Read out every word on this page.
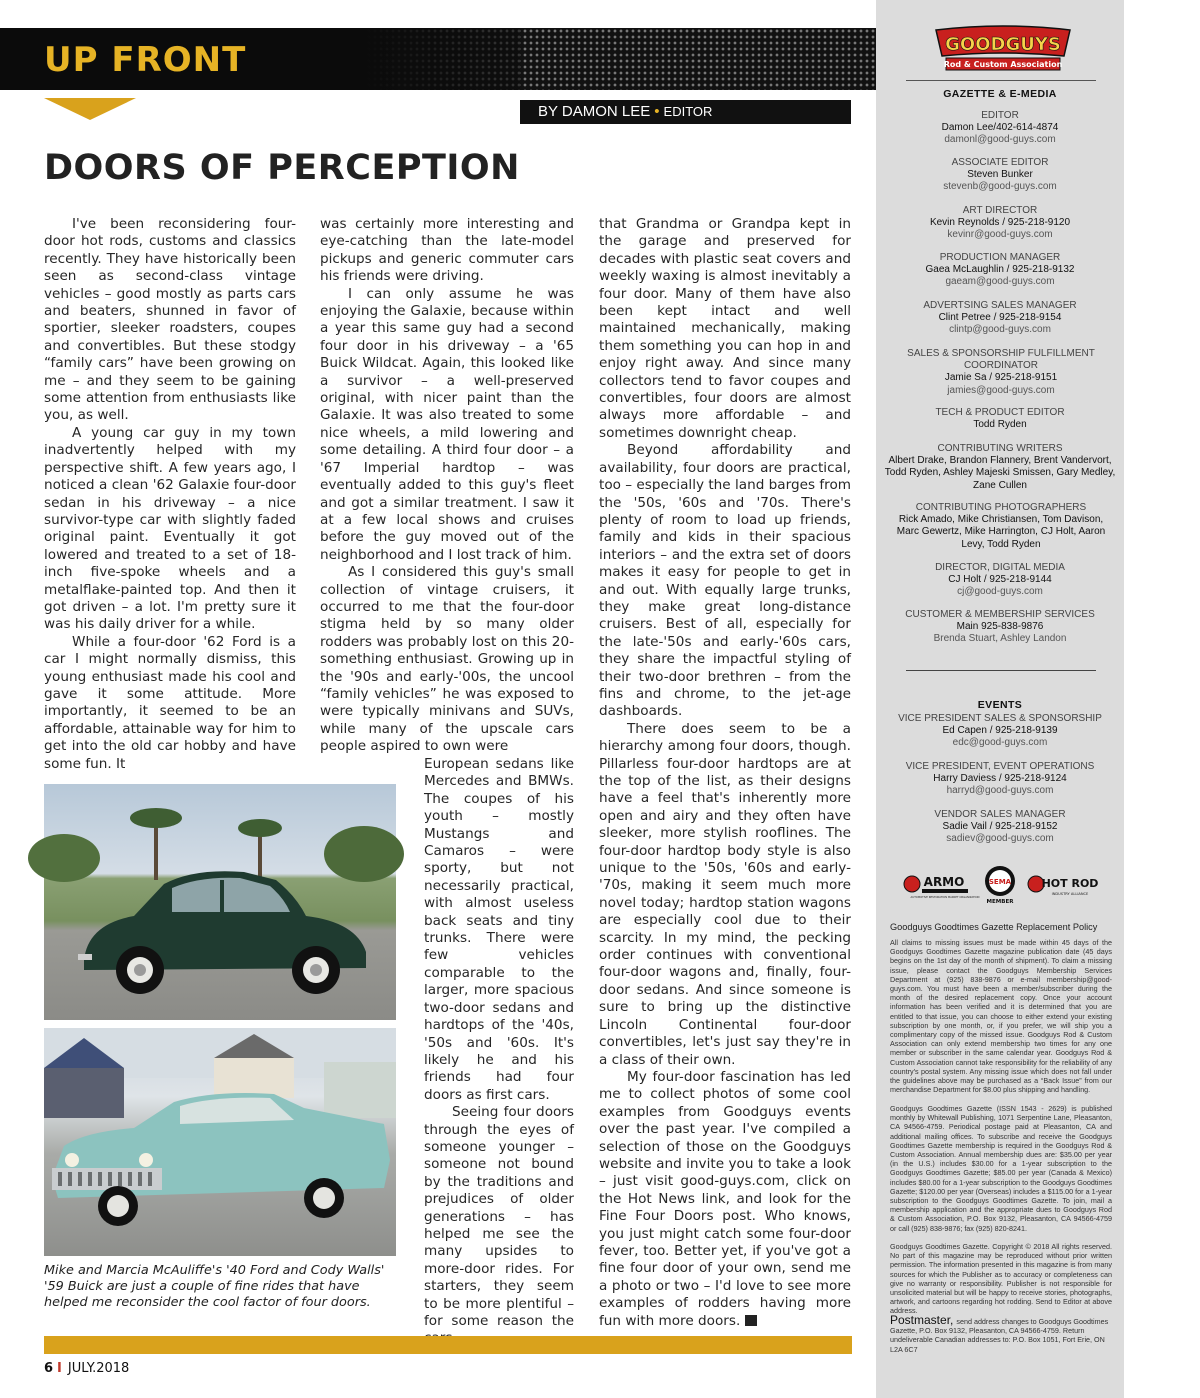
UP FRONT
BY DAMON LEE • EDITOR
DOORS OF PERCEPTION

I've been reconsidering four-door hot rods, customs and classics recently. They have historically been seen as second-class vintage vehicles – good mostly as parts cars and beaters, shunned in favor of sportier, sleeker roadsters, coupes and convertibles. But these stodgy “family cars” have been growing on me – and they seem to be gaining some attention from enthusiasts like you, as well.

A young car guy in my town inadvertently helped with my perspective shift. A few years ago, I noticed a clean '62 Galaxie four-door sedan in his driveway – a nice survivor-type car with slightly faded original paint. Eventually it got lowered and treated to a set of 18-inch five-spoke wheels and a metalflake-painted top. And then it got driven – a lot. I'm pretty sure it was his daily driver for a while.

While a four-door '62 Ford is a car I might normally dismiss, this young enthusiast made his cool and gave it some attitude. More importantly, it seemed to be an affordable, attainable way for him to get into the old car hobby and have some fun. It

was certainly more interesting and eye-catching than the late-model pickups and generic commuter cars his friends were driving.

I can only assume he was enjoying the Galaxie, because within a year this same guy had a second four door in his driveway – a '65 Buick Wildcat. Again, this looked like a survivor – a well-preserved original, with nicer paint than the Galaxie. It was also treated to some nice wheels, a mild lowering and some detailing. A third four door – a '67 Imperial hardtop – was eventually added to this guy's fleet and got a similar treatment. I saw it at a few local shows and cruises before the guy moved out of the neighborhood and I lost track of him.

As I considered this guy's small collection of vintage cruisers, it occurred to me that the four-door stigma held by so many older rodders was probably lost on this 20-something enthusiast. Growing up in the '90s and early-'00s, the uncool “family vehicles” he was exposed to were typically minivans and SUVs, while many of the upscale cars people aspired to own were

European sedans like Mercedes and BMWs. The coupes of his youth – mostly Mustangs and Camaros – were sporty, but not necessarily practical, with almost useless back seats and tiny trunks. There were few vehicles comparable to the larger, more spacious two-door sedans and hardtops of the '40s, '50s and '60s. It's likely he and his friends had four doors as first cars.

Seeing four doors through the eyes of someone younger – someone not bound by the traditions and prejudices of older generations – has helped me see the many upsides to more-door rides. For starters, they seem to be more plentiful – for some reason the

that Grandma or Grandpa kept in the garage and preserved for decades with plastic seat covers and weekly waxing is almost inevitably a four door. Many of them have also been kept intact and well maintained mechanically, making them something you can hop in and enjoy right away. And since many collectors tend to favor coupes and convertibles, four doors are almost always more affordable – and sometimes downright cheap.

Beyond affordability and availability, four doors are practical, too – especially the land barges from the '50s, '60s and '70s. There's plenty of room to load up friends, family and kids in their spacious interiors – and the extra set of doors makes it easy for people to get in and out. With equally large trunks, they make great long-distance cruisers. Best of all, especially for the late-'50s and early-'60s cars, they share the impactful styling of their two-door brethren – from the fins and chrome, to the jet-age dashboards.

There does seem to be a hierarchy among four doors, though. Pillarless four-door hardtops are at the top of the list, as their designs have a feel that's inherently more open and airy and they often have sleeker, more stylish rooflines. The four-door hardtop body style is also unique to the '50s, '60s and early-'70s, making it seem much more novel today; hardtop station wagons are especially cool due to their scarcity. In my mind, the pecking order continues with conventional four-door wagons and, finally, four-door sedans. And since someone is sure to bring up the distinctive Lincoln Continental four-door convertibles, let's just say they're in a class of their own.

My four-door fascination has led me to collect photos of some cool examples from Goodguys events over the past year. I've compiled a selection of those on the Goodguys website and invite you to take a look – just visit good-guys.com, click on the Hot News link, and look for the Fine Four Doors post. Who knows, you just might catch some four-door fever, too. Better yet, if you've got a fine four door of your own, send me a photo or two – I'd love to see more examples of rodders having more fun with more doors.	GG

Mike and Marcia McAuliffe's '40 Ford and Cody Walls' '59 Buick are just a couple of fine rides that have helped me reconsider the cool factor of four doors.
6 I JULY.2018
GOODGUYS
Rod & Custom Association
GAZETTE & E-MEDIA
EDITOR
Damon Lee/402-614-4874
damonl@good-guys.com
ASSOCIATE EDITOR
Steven Bunker
stevenb@good-guys.com
ART DIRECTOR
Kevin Reynolds / 925-218-9120
kevinr@good-guys.com
PRODUCTION MANAGER
Gaea McLaughlin / 925-218-9132
gaeam@good-guys.com
ADVERTSING SALES MANAGER
Clint Petree / 925-218-9154
clintp@good-guys.com
SALES & SPONSORSHIP FULFILLMENT COORDINATOR
Jamie Sa / 925-218-9151
jamies@good-guys.com
TECH & PRODUCT EDITOR
Todd Ryden
CONTRIBUTING WRITERS
Albert Drake, Brandon Flannery, Brent Vandervort, Todd Ryden, Ashley Majeski Smissen, Gary Medley, Zane Cullen
CONTRIBUTING PHOTOGRAPHERS
Rick Amado, Mike Christiansen, Tom Davison, Marc Gewertz, Mike Harrington, CJ Holt, Aaron Levy, Todd Ryden
DIRECTOR, DIGITAL MEDIA
CJ Holt / 925-218-9144
cj@good-guys.com
CUSTOMER & MEMBERSHIP SERVICES
Main 925-838-9876
Brenda Stuart, Ashley Landon
EVENTS
VICE PRESIDENT SALES & SPONSORSHIP
Ed Capen / 925-218-9139
edc@good-guys.com
VICE PRESIDENT, EVENT OPERATIONS
Harry Daviess / 925-218-9124
harryd@good-guys.com
VENDOR SALES MANAGER
Sadie Vail / 925-218-9152
sadiev@good-guys.com
ARMO
AUTOMOTIVE RESTORATION MARKET ORGANIZATION
SEMA
MEMBER
HOT ROD
INDUSTRY ALLIANCE
Goodguys Goodtimes Gazette Replacement Policy
All claims to missing issues must be made within 45 days of the Goodguys Goodtimes Gazette magazine publication date (45 days begins on the 1st day of the month of shipment). To claim a missing issue, please contact the Goodguys Membership Services Department at (925) 838-9876 or e-mail membership@good-guys.com. You must have been a member/subscriber during the month of the desired replacement copy. Once your account information has been verified and it is determined that you are entitled to that issue, you can choose to either extend your existing subscription by one month, or, if you prefer, we will ship you a complimentary copy of the missed issue. Goodguys Rod & Custom Association can only extend membership two times for any one member or subscriber in the same calendar year. Goodguys Rod & Custom Association cannot take responsibility for the reliability of any country's postal system. Any missing issue which does not fall under the guidelines above may be purchased as a “Back Issue” from our merchandise Department for $8.00 plus shipping and handling.
Goodguys Goodtimes Gazette (ISSN 1543 - 2629) is published monthly by Whitewall Publishing, 1071 Serpentine Lane, Pleasanton, CA 94566-4759. Periodical postage paid at Pleasanton, CA and additional mailing offices. To subscribe and receive the Goodguys Goodtimes Gazette membership is required in the Goodguys Rod & Custom Association. Annual membership dues are: $35.00 per year (in the U.S.) includes $30.00 for a 1-year subscription to the Goodguys Goodtimes Gazette; $85.00 per year (Canada & Mexico) includes $80.00 for a 1-year subscription to the Goodguys Goodtimes Gazette; $120.00 per year (Overseas) includes a $115.00 for a 1-year subscription to the Goodguys Goodtimes Gazette. To join, mail a membership application and the appropriate dues to Goodguys Rod & Custom Association, P.O. Box 9132, Pleasanton, CA 94566-4759 or call (925) 838-9876; fax (925) 820-8241.
Goodguys Goodtimes Gazette. Copyright © 2018 All rights reserved. No part of this magazine may be reproduced without prior written permission. The information presented in this magazine is from many sources for which the Publisher as to accuracy or completeness can give no warranty or responsibility. Publisher is not responsible for unsolicited material but will be happy to receive stories, photographs, artwork, and cartoons regarding hot rodding. Send to Editor at above address.
Postmaster, send address changes to Goodguys Goodtimes Gazette, P.O. Box 9132, Pleasanton, CA 94566-4759. Return undeliverable Canadian addresses to: P.O. Box 1051, Fort Erie, ON L2A 6C7
